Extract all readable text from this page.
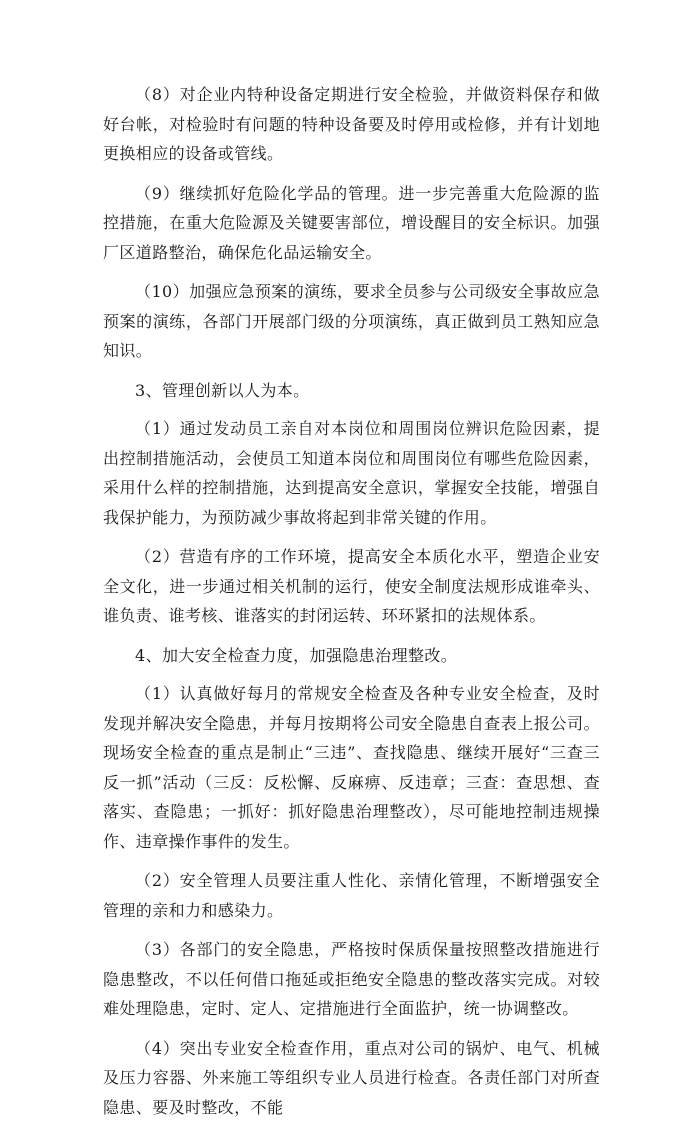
（8）对企业内特种设备定期进行安全检验，并做资料保存和做好台帐，对检验时有问题的特种设备要及时停用或检修，并有计划地更换相应的设备或管线。

（9）继续抓好危险化学品的管理。进一步完善重大危险源的监控措施，在重大危险源及关键要害部位，增设醒目的安全标识。加强厂区道路整治，确保危化品运输安全。

（10）加强应急预案的演练，要求全员参与公司级安全事故应急预案的演练，各部门开展部门级的分项演练，真正做到员工熟知应急知识。

3、管理创新以人为本。

（1）通过发动员工亲自对本岗位和周围岗位辨识危险因素，提出控制措施活动，会使员工知道本岗位和周围岗位有哪些危险因素，采用什么样的控制措施，达到提高安全意识，掌握安全技能，增强自我保护能力，为预防减少事故将起到非常关键的作用。

（2）营造有序的工作环境，提高安全本质化水平，塑造企业安全文化，进一步通过相关机制的运行，使安全制度法规形成谁牵头、谁负责、谁考核、谁落实的封闭运转、环环紧扣的法规体系。

4、加大安全检查力度，加强隐患治理整改。

（1）认真做好每月的常规安全检查及各种专业安全检查，及时发现并解决安全隐患，并每月按期将公司安全隐患自查表上报公司。现场安全检查的重点是制止“三违”、查找隐患、继续开展好“三查三反一抓”活动（三反：反松懈、反麻痹、反违章；三查：查思想、查落实、查隐患；一抓好：抓好隐患治理整改），尽可能地控制违规操作、违章操作事件的发生。

（2）安全管理人员要注重人性化、亲情化管理，不断增强安全管理的亲和力和感染力。

（3）各部门的安全隐患，严格按时保质保量按照整改措施进行隐患整改，不以任何借口拖延或拒绝安全隐患的整改落实完成。对较难处理隐患，定时、定人、定措施进行全面监护，统一协调整改。

（4）突出专业安全检查作用，重点对公司的锅炉、电气、机械及压力容器、外来施工等组织专业人员进行检查。各责任部门对所查隐患、要及时整改，不能
